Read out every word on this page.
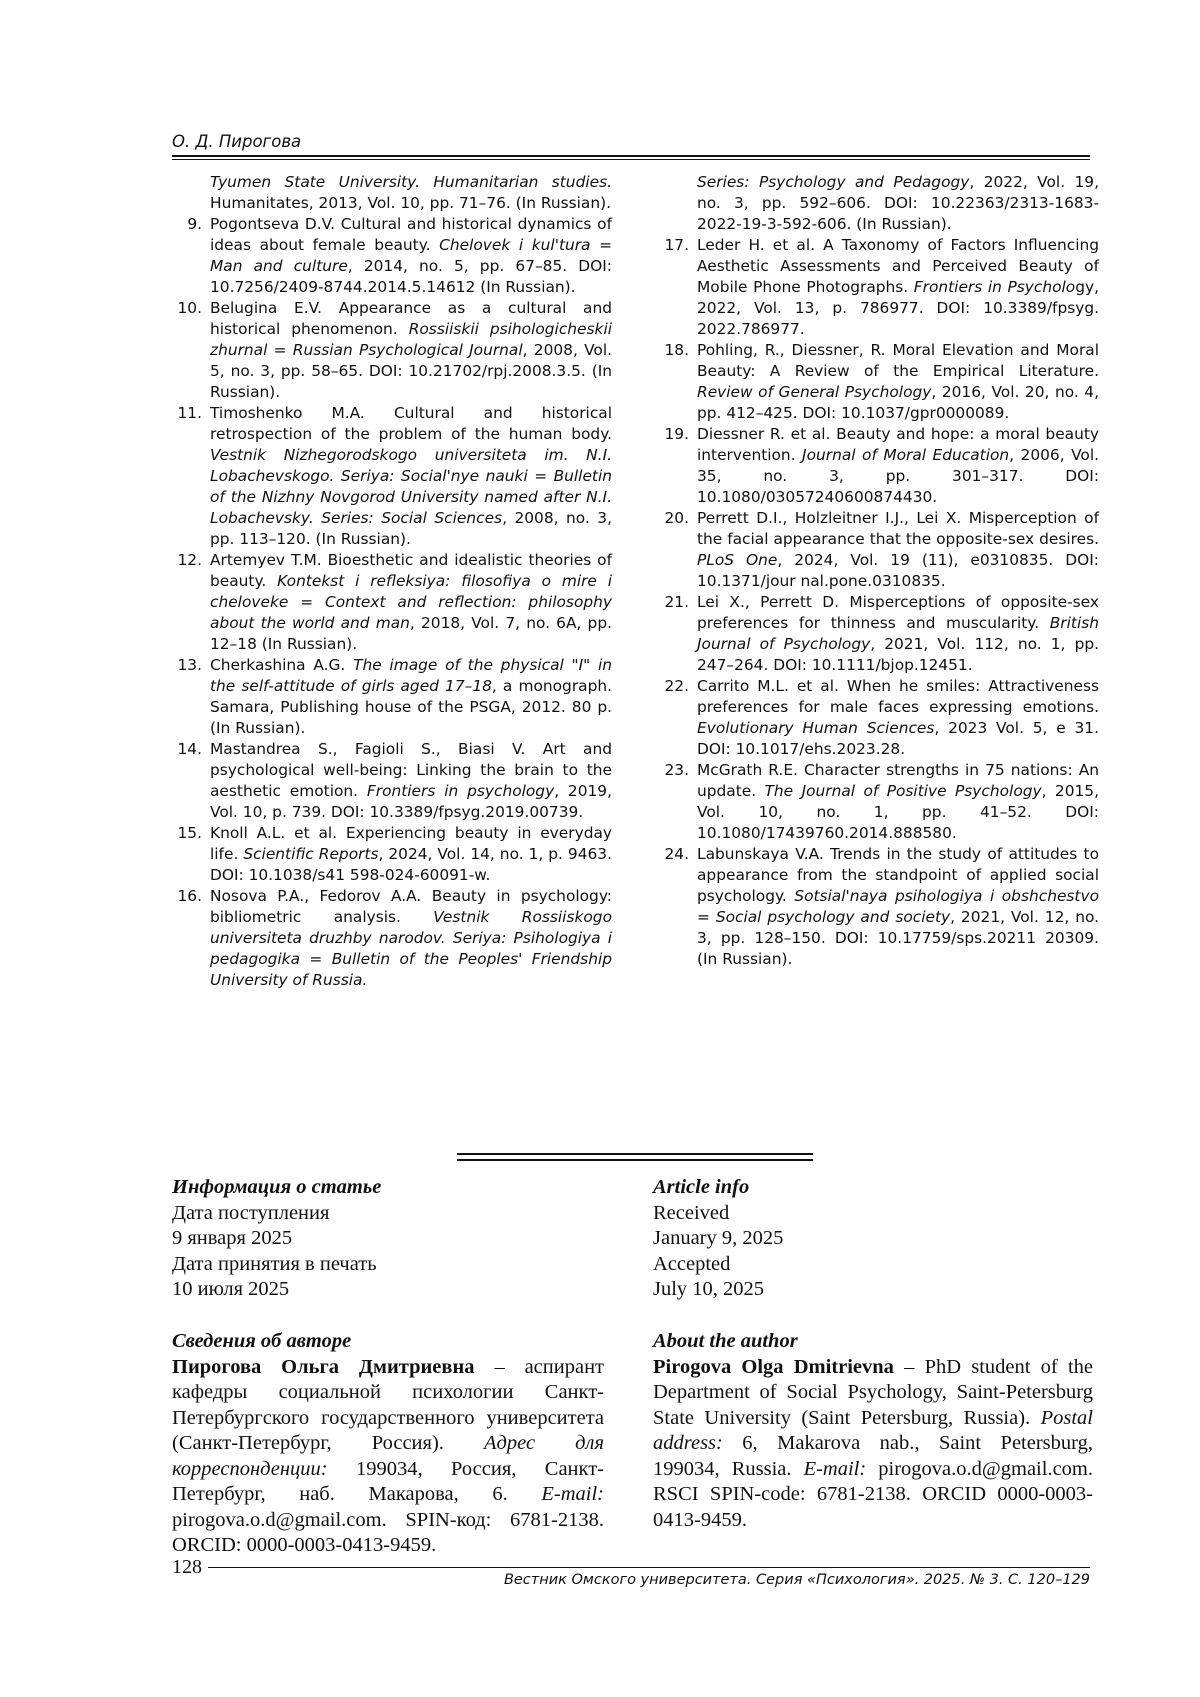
О. Д. Пирогова
Tyumen State University. Humanitarian studies. Humanitates, 2013, Vol. 10, pp. 71–76. (In Russian).
9. Pogontseva D.V. Cultural and historical dynamics of ideas about female beauty. Chelovek i kul'tura = Man and culture, 2014, no. 5, pp. 67–85. DOI: 10.7256/2409-8744.2014.5.14612 (In Russian).
10. Belugina E.V. Appearance as a cultural and historical phenomenon. Rossiiskii psihologicheskii zhurnal = Russian Psychological Journal, 2008, Vol. 5, no. 3, pp. 58–65. DOI: 10.21702/rpj.2008.3.5. (In Russian).
11. Timoshenko M.A. Cultural and historical retrospection of the problem of the human body. Vestnik Nizhegorodskogo universiteta im. N.I. Lobachevskogo. Seriya: Social'nye nauki = Bulletin of the Nizhny Novgorod University named after N.I. Lobachevsky. Series: Social Sciences, 2008, no. 3, pp. 113–120. (In Russian).
12. Artemyev T.M. Bioesthetic and idealistic theories of beauty. Kontekst i refleksiya: filosofiya o mire i cheloveke = Context and reflection: philosophy about the world and man, 2018, Vol. 7, no. 6A, pp. 12–18 (In Russian).
13. Cherkashina A.G. The image of the physical "I" in the self-attitude of girls aged 17–18, a monograph. Samara, Publishing house of the PSGA, 2012. 80 p. (In Russian).
14. Mastandrea S., Fagioli S., Biasi V. Art and psychological well-being: Linking the brain to the aesthetic emotion. Frontiers in psychology, 2019, Vol. 10, p. 739. DOI: 10.3389/fpsyg.2019.00739.
15. Knoll A.L. et al. Experiencing beauty in everyday life. Scientific Reports, 2024, Vol. 14, no. 1, p. 9463. DOI: 10.1038/s41 598-024-60091-w.
16. Nosova P.A., Fedorov A.A. Beauty in psychology: bibliometric analysis. Vestnik Rossiiskogo universiteta druzhby narodov. Seriya: Psihologiya i pedagogika = Bulletin of the Peoples' Friendship University of Russia.
Series: Psychology and Pedagogy, 2022, Vol. 19, no. 3, pp. 592–606. DOI: 10.22363/2313-1683-2022-19-3-592-606. (In Russian).
17. Leder H. et al. A Taxonomy of Factors Influencing Aesthetic Assessments and Perceived Beauty of Mobile Phone Photographs. Frontiers in Psychology, 2022, Vol. 13, p. 786977. DOI: 10.3389/fpsyg. 2022.786977.
18. Pohling, R., Diessner, R. Moral Elevation and Moral Beauty: A Review of the Empirical Literature. Review of General Psychology, 2016, Vol. 20, no. 4, pp. 412–425. DOI: 10.1037/gpr0000089.
19. Diessner R. et al. Beauty and hope: a moral beauty intervention. Journal of Moral Education, 2006, Vol. 35, no. 3, pp. 301–317. DOI: 10.1080/03057240600874430.
20. Perrett D.I., Holzleitner I.J., Lei X. Misperception of the facial appearance that the opposite-sex desires. PLoS One, 2024, Vol. 19 (11), e0310835. DOI: 10.1371/jour nal.pone.0310835.
21. Lei X., Perrett D. Misperceptions of opposite-sex preferences for thinness and muscularity. British Journal of Psychology, 2021, Vol. 112, no. 1, pp. 247–264. DOI: 10.1111/bjop.12451.
22. Carrito M.L. et al. When he smiles: Attractiveness preferences for male faces expressing emotions. Evolutionary Human Sciences, 2023 Vol. 5, e 31. DOI: 10.1017/ehs.2023.28.
23. McGrath R.E. Character strengths in 75 nations: An update. The Journal of Positive Psychology, 2015, Vol. 10, no. 1, pp. 41–52. DOI: 10.1080/17439760.2014.888580.
24. Labunskaya V.A. Trends in the study of attitudes to appearance from the standpoint of applied social psychology. Sotsial'naya psihologiya i obshchestvo = Social psychology and society, 2021, Vol. 12, no. 3, pp. 128–150. DOI: 10.17759/sps.20211 20309. (In Russian).
Информация о статье
Дата поступления
9 января 2025
Дата принятия в печать
10 июля 2025
Article info
Received
January 9, 2025
Accepted
July 10, 2025
Сведения об авторе
Пирогова Ольга Дмитриевна – аспирант кафедры социальной психологии Санкт-Петербургского государственного университета (Санкт-Петербург, Россия). Адрес для корреспонденции: 199034, Россия, Санкт-Петербург, наб. Макарова, 6. E-mail: pirogova.o.d@gmail.com. SPIN-код: 6781-2138. ORCID: 0000-0003-0413-9459.
About the author
Pirogova Olga Dmitrievna – PhD student of the Department of Social Psychology, Saint-Petersburg State University (Saint Petersburg, Russia). Postal address: 6, Makarova nab., Saint Petersburg, 199034, Russia. E-mail: pirogova.o.d@gmail.com. RSCI SPIN-code: 6781-2138. ORCID 0000-0003-0413-9459.
128
Вестник Омского университета. Серия «Психология». 2025. № 3. С. 120–129
